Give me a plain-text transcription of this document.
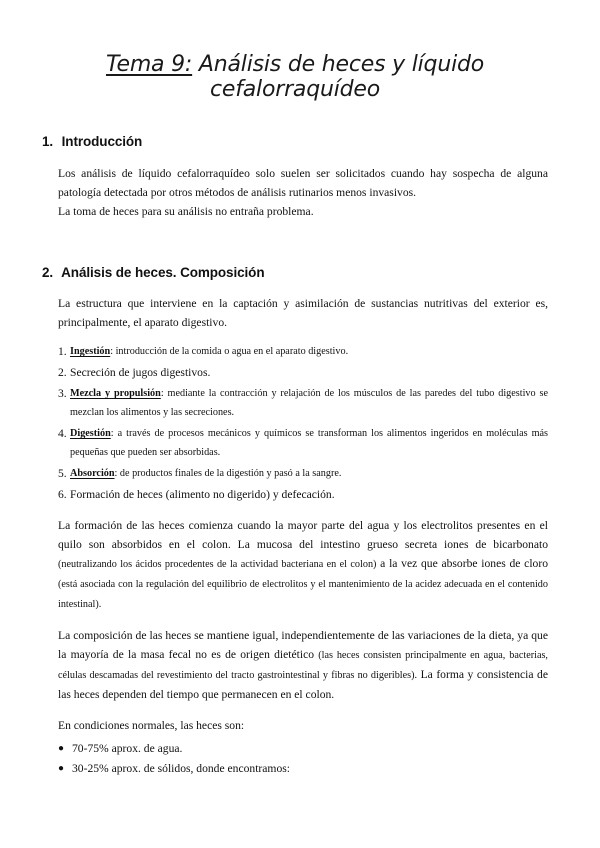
Tema 9: Análisis de heces y líquido cefalorraquídeo
1. Introducción

Los análisis de líquido cefalorraquídeo solo suelen ser solicitados cuando hay sospecha de alguna patología detectada por otros métodos de análisis rutinarios menos invasivos.

La toma de heces para su análisis no entraña problema.

2. Análisis de heces. Composición

La estructura que interviene en la captación y asimilación de sustancias nutritivas del exterior es, principalmente, el aparato digestivo.

1. Ingestión: introducción de la comida o agua en el aparato digestivo.
2. Secreción de jugos digestivos.
3. Mezcla y propulsión: mediante la contracción y relajación de los músculos de las paredes del tubo digestivo se mezclan los alimentos y las secreciones.
4. Digestión: a través de procesos mecánicos y químicos se transforman los alimentos ingeridos en moléculas más pequeñas que pueden ser absorbidas.
5. Absorción: de productos finales de la digestión y pasó a la sangre.
6. Formación de heces (alimento no digerido) y defecación.

La formación de las heces comienza cuando la mayor parte del agua y los electrolitos presentes en el quilo son absorbidos en el colon. La mucosa del intestino grueso secreta iones de bicarbonato (neutralizando los ácidos procedentes de la actividad bacteriana en el colon) a la vez que absorbe iones de cloro (está asociada con la regulación del equilibrio de electrolitos y el mantenimiento de la acidez adecuada en el contenido intestinal).

La composición de las heces se mantiene igual, independientemente de las variaciones de la dieta, ya que la mayoría de la masa fecal no es de origen dietético (las heces consisten principalmente en agua, bacterias, células descamadas del revestimiento del tracto gastrointestinal y fibras no digeribles). La forma y consistencia de las heces dependen del tiempo que permanecen en el colon.

En condiciones normales, las heces son:

● 70-75% aprox. de agua.
● 30-25% aprox. de sólidos, donde encontramos:
